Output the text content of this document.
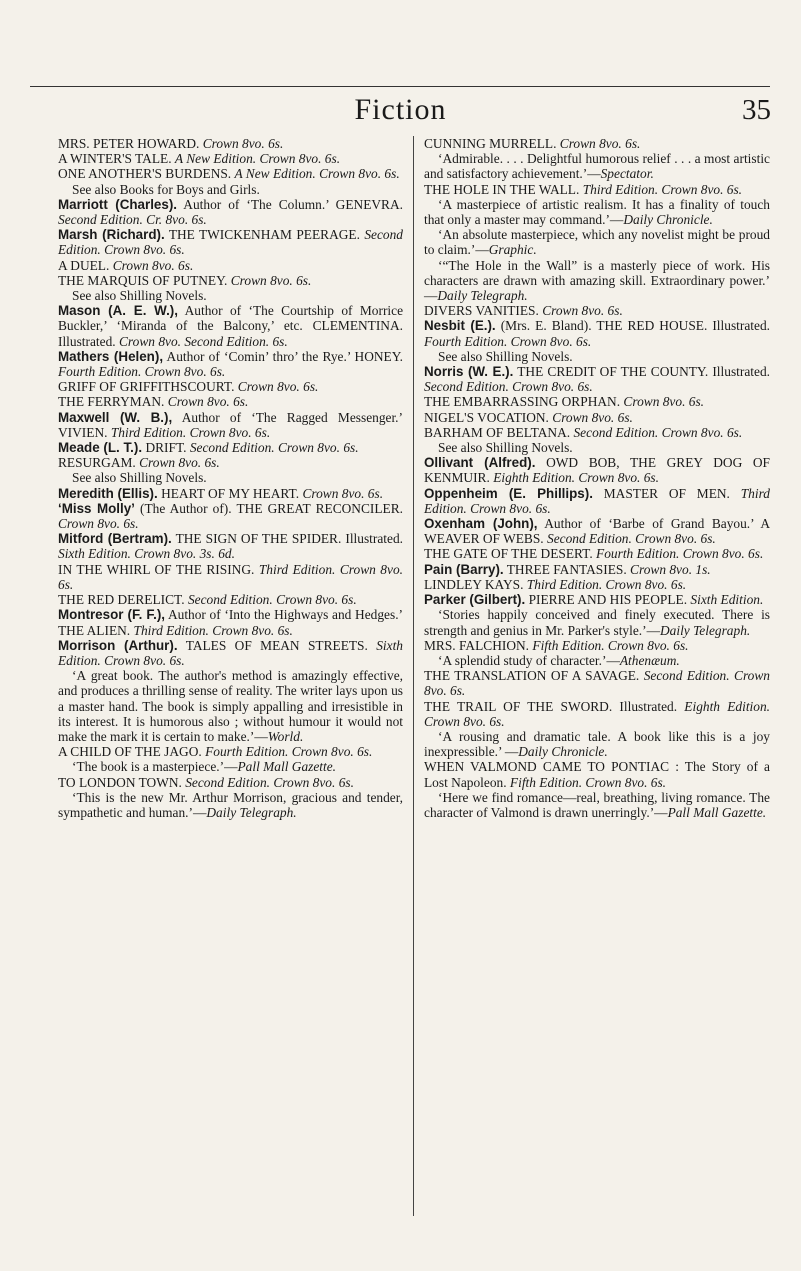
Fiction	35

MRS. PETER HOWARD. Crown 8vo. 6s.

A WINTER'S TALE. A New Edition. Crown 8vo. 6s.

ONE ANOTHER'S BURDENS. A New Edition. Crown 8vo. 6s.

See also Books for Boys and Girls.

Marriott (Charles). Author of ‘The Column.’ GENEVRA. Second Edition. Cr. 8vo. 6s.

Marsh (Richard). THE TWICKENHAM PEERAGE. Second Edition. Crown 8vo. 6s.

A DUEL. Crown 8vo. 6s.

THE MARQUIS OF PUTNEY. Crown 8vo. 6s.

See also Shilling Novels.

Mason (A. E. W.), Author of ‘The Courtship of Morrice Buckler,’ ‘Miranda of the Balcony,’ etc. CLEMENTINA. Illustrated. Crown 8vo. Second Edition. 6s.

Mathers (Helen), Author of ‘Comin’ thro’ the Rye.’ HONEY. Fourth Edition. Crown 8vo. 6s.

GRIFF OF GRIFFITHSCOURT. Crown 8vo. 6s.

THE FERRYMAN. Crown 8vo. 6s.

Maxwell (W. B.), Author of ‘The Ragged Messenger.’ VIVIEN. Third Edition. Crown 8vo. 6s.

Meade (L. T.). DRIFT. Second Edition. Crown 8vo. 6s.

RESURGAM. Crown 8vo. 6s.

See also Shilling Novels.

Meredith (Ellis). HEART OF MY HEART. Crown 8vo. 6s.

‘Miss Molly’ (The Author of). THE GREAT RECONCILER. Crown 8vo. 6s.

Mitford (Bertram). THE SIGN OF THE SPIDER. Illustrated. Sixth Edition. Crown 8vo. 3s. 6d.

IN THE WHIRL OF THE RISING. Third Edition. Crown 8vo. 6s.

THE RED DERELICT. Second Edition. Crown 8vo. 6s.

Montresor (F. F.), Author of ‘Into the Highways and Hedges.’ THE ALIEN. Third Edition. Crown 8vo. 6s.

Morrison (Arthur). TALES OF MEAN STREETS. Sixth Edition. Crown 8vo. 6s.

‘A great book. The author's method is amazingly effective, and produces a thrilling sense of reality. The writer lays upon us a master hand. The book is simply appalling and irresistible in its interest. It is humorous also ; without humour it would not make the mark it is certain to make.’—World.

A CHILD OF THE JAGO. Fourth Edition. Crown 8vo. 6s.

‘The book is a masterpiece.’—Pall Mall Gazette.

TO LONDON TOWN. Second Edition. Crown 8vo. 6s.

‘This is the new Mr. Arthur Morrison, gracious and tender, sympathetic and human.’—Daily Telegraph.

CUNNING MURRELL. Crown 8vo. 6s.

‘Admirable. . . . Delightful humorous relief . . . a most artistic and satisfactory achievement.’—Spectator.

THE HOLE IN THE WALL. Third Edition. Crown 8vo. 6s.

‘A masterpiece of artistic realism. It has a finality of touch that only a master may command.’—Daily Chronicle.

‘An absolute masterpiece, which any novelist might be proud to claim.’—Graphic.

‘“The Hole in the Wall” is a masterly piece of work. His characters are drawn with amazing skill. Extraordinary power.’ —Daily Telegraph.

DIVERS VANITIES. Crown 8vo. 6s.

Nesbit (E.). (Mrs. E. Bland). THE RED HOUSE. Illustrated. Fourth Edition. Crown 8vo. 6s.

See also Shilling Novels.

Norris (W. E.). THE CREDIT OF THE COUNTY. Illustrated. Second Edition. Crown 8vo. 6s.

THE EMBARRASSING ORPHAN. Crown 8vo. 6s.

NIGEL'S VOCATION. Crown 8vo. 6s.

BARHAM OF BELTANA. Second Edition. Crown 8vo. 6s.

See also Shilling Novels.

Ollivant (Alfred). OWD BOB, THE GREY DOG OF KENMUIR. Eighth Edition. Crown 8vo. 6s.

Oppenheim (E. Phillips). MASTER OF MEN. Third Edition. Crown 8vo. 6s.

Oxenham (John), Author of ‘Barbe of Grand Bayou.’ A WEAVER OF WEBS. Second Edition. Crown 8vo. 6s.

THE GATE OF THE DESERT. Fourth Edition. Crown 8vo. 6s.

Pain (Barry). THREE FANTASIES. Crown 8vo. 1s.

LINDLEY KAYS. Third Edition. Crown 8vo. 6s.

Parker (Gilbert). PIERRE AND HIS PEOPLE. Sixth Edition.

‘Stories happily conceived and finely executed. There is strength and genius in Mr. Parker's style.’—Daily Telegraph.

MRS. FALCHION. Fifth Edition. Crown 8vo. 6s.

‘A splendid study of character.’—Athenæum.

THE TRANSLATION OF A SAVAGE. Second Edition. Crown 8vo. 6s.

THE TRAIL OF THE SWORD. Illustrated. Eighth Edition. Crown 8vo. 6s.

‘A rousing and dramatic tale. A book like this is a joy inexpressible.’ —Daily Chronicle.

WHEN VALMOND CAME TO PONTIAC : The Story of a Lost Napoleon. Fifth Edition. Crown 8vo. 6s.

‘Here we find romance—real, breathing, living romance. The character of Valmond is drawn unerringly.’—Pall Mall Gazette.
